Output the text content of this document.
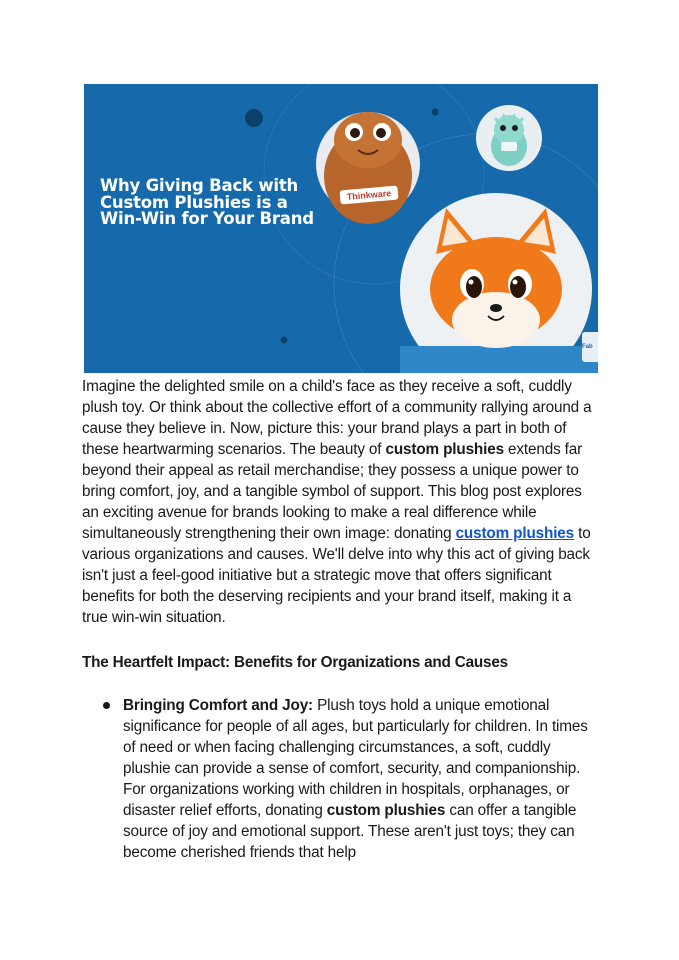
Why Giving Back with Custom Plushies is a Win-Win for Your Brand
Thinkware
Fab

Imagine the delighted smile on a child's face as they receive a soft, cuddly plush toy. Or think about the collective effort of a community rallying around a cause they believe in. Now, picture this: your brand plays a part in both of these heartwarming scenarios. The beauty of custom plushies extends far beyond their appeal as retail merchandise; they possess a unique power to bring comfort, joy, and a tangible symbol of support. This blog post explores an exciting avenue for brands looking to make a real difference while simultaneously strengthening their own image: donating custom plushies to various organizations and causes. We'll delve into why this act of giving back isn't just a feel-good initiative but a strategic move that offers significant benefits for both the deserving recipients and your brand itself, making it a true win-win situation.

The Heartfelt Impact: Benefits for Organizations and Causes
Bringing Comfort and Joy: Plush toys hold a unique emotional significance for people of all ages, but particularly for children. In times of need or when facing challenging circumstances, a soft, cuddly plushie can provide a sense of comfort, security, and companionship. For organizations working with children in hospitals, orphanages, or disaster relief efforts, donating custom plushies can offer a tangible source of joy and emotional support. These aren't just toys; they can become cherished friends that help
